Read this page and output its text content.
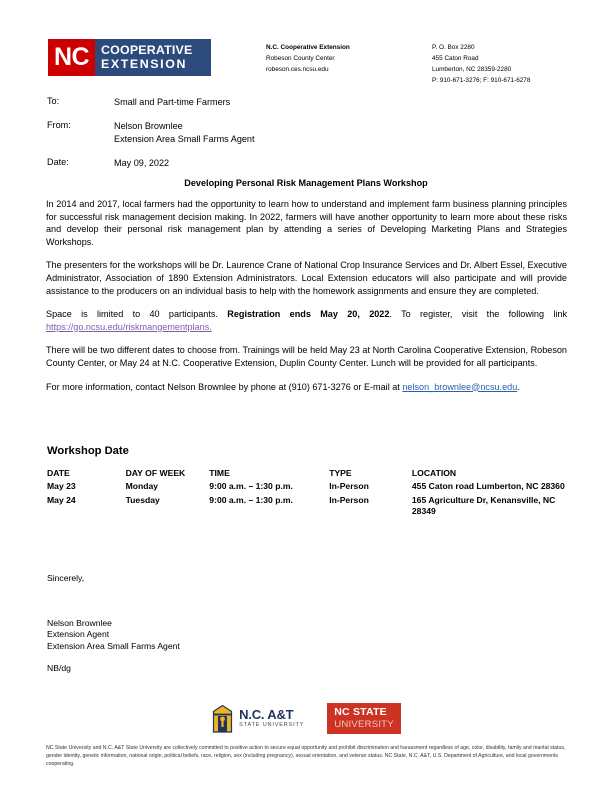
NC COOPERATIVE
EXTENSION
N.C. Cooperative Extension
Robeson County Center
robeson.ces.ncsu.edu
P. O. Box 2280
455 Caton Road
Lumberton, NC 28359-2280
P: 910-671-3276; F: 910-671-6278
To:	Small and Part-time Farmers
From:	Nelson Brownlee
Extension Area Small Farms Agent
Date:	May 09, 2022
Developing Personal Risk Management Plans Workshop

In 2014 and 2017, local farmers had the opportunity to learn how to understand and implement farm business planning principles for successful risk management decision making. In 2022, farmers will have another opportunity to learn more about these risks and develop their personal risk management plan by attending a series of Developing Marketing Plans and Strategies Workshops.

The presenters for the workshops will be Dr. Laurence Crane of National Crop Insurance Services and Dr. Albert Essel, Executive Administrator, Association of 1890 Extension Administrators. Local Extension educators will also participate and will provide assistance to the producers on an individual basis to help with the homework assignments and ensure they are completed.

Space is limited to 40 participants. Registration ends May 20, 2022. To register, visit the following link https://go.ncsu.edu/riskmangementplans.

There will be two different dates to choose from. Trainings will be held May 23 at North Carolina Cooperative Extension, Robeson County Center, or May 24 at N.C. Cooperative Extension, Duplin County Center. Lunch will be provided for all participants.

For more information, contact Nelson Brownlee by phone at (910) 671-3276 or E-mail at nelson_brownlee@ncsu.edu.

Workshop Date
DATE	DAY OF WEEK	TIME	TYPE	LOCATION
May 23	Monday	9:00 a.m. – 1:30 p.m.	In-Person	455 Caton road Lumberton, NC 28360
May 24	Tuesday	9:00 a.m. – 1:30 p.m.	In-Person	165 Agriculture Dr, Kenansville, NC 28349
Sincerely,
Nelson Brownlee
Extension Agent
Extension Area Small Farms Agent
NB/dg
N.C. A&T
STATE UNIVERSITY
NC STATE
UNIVERSITY
NC State University and N.C. A&T State University are collectively committed to positive action to secure equal opportunity and prohibit discrimination and harassment regardless of age, color, disability, family and marital status, gender identity, genetic information, national origin, political beliefs, race, religion, sex (including pregnancy), sexual orientation, and veteran status. NC State, N.C. A&T, U.S. Department of Agriculture, and local governments cooperating.
